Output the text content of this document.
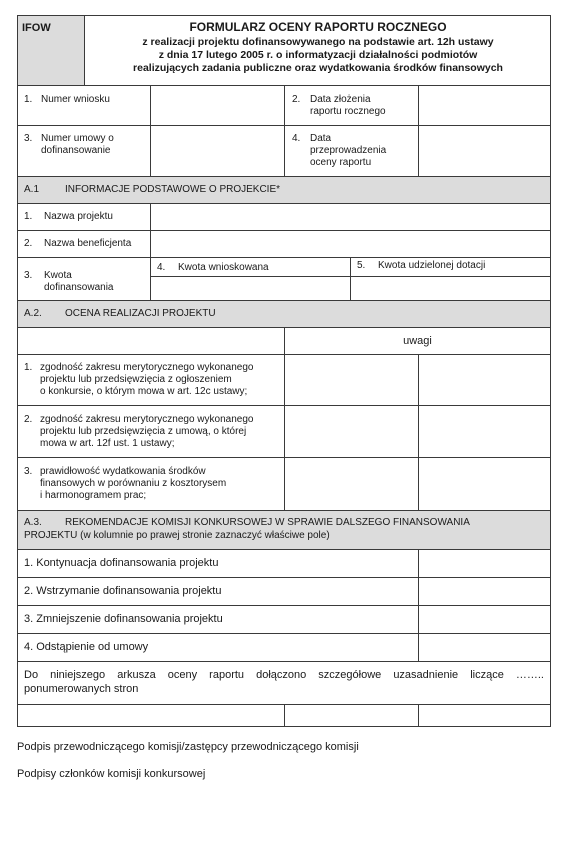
IFOW	FORMULARZ OCENY RAPORTU ROCZNEGO
z realizacji projektu dofinansowywanego na podstawie art. 12h ustawy
z dnia 17 lutego 2005 r. o informatyzacji działalności podmiotów
realizujących zadania publiczne oraz wydatkowania środków finansowych
1. Numer wniosku	2. Data złożenia
raportu rocznego
3. Numer umowy o
dofinansowanie
4. Data
przeprowadzenia
oceny raportu
A.1	INFORMACJE PODSTAWOWE O PROJEKCIE*
1. Nazwa projektu
2. Nazwa beneficjenta
3. Kwota
dofinansowania
4. Kwota wnioskowana	5. Kwota udzielonej dotacji
A.2. OCENA REALIZACJI PROJEKTU
uwagi
1. zgodność zakresu merytorycznego wykonanego
projektu lub przedsięwzięcia z ogłoszeniem
o konkursie, o którym mowa w art. 12c ustawy;
2. zgodność zakresu merytorycznego wykonanego
projektu lub przedsięwzięcia z umową, o której
mowa w art. 12f ust. 1 ustawy;
3. prawidłowość wydatkowania środków
finansowych w porównaniu z kosztorysem
i harmonogramem prac;
A.3. REKOMENDACJE KOMISJI KONKURSOWEJ W SPRAWIE DALSZEGO FINANSOWANIA
PROJEKTU (w kolumnie po prawej stronie zaznaczyć właściwe pole)
1. Kontynuacja dofinansowania projektu
2. Wstrzymanie dofinansowania projektu
3. Zmniejszenie dofinansowania projektu
4. Odstąpienie od umowy
Do niniejszego arkusza oceny raportu dołączono szczegółowe uzasadnienie liczące ……..
ponumerowanych stron
Podpis przewodniczącego komisji/zastępcy przewodniczącego komisji
Podpisy członków komisji konkursowej
